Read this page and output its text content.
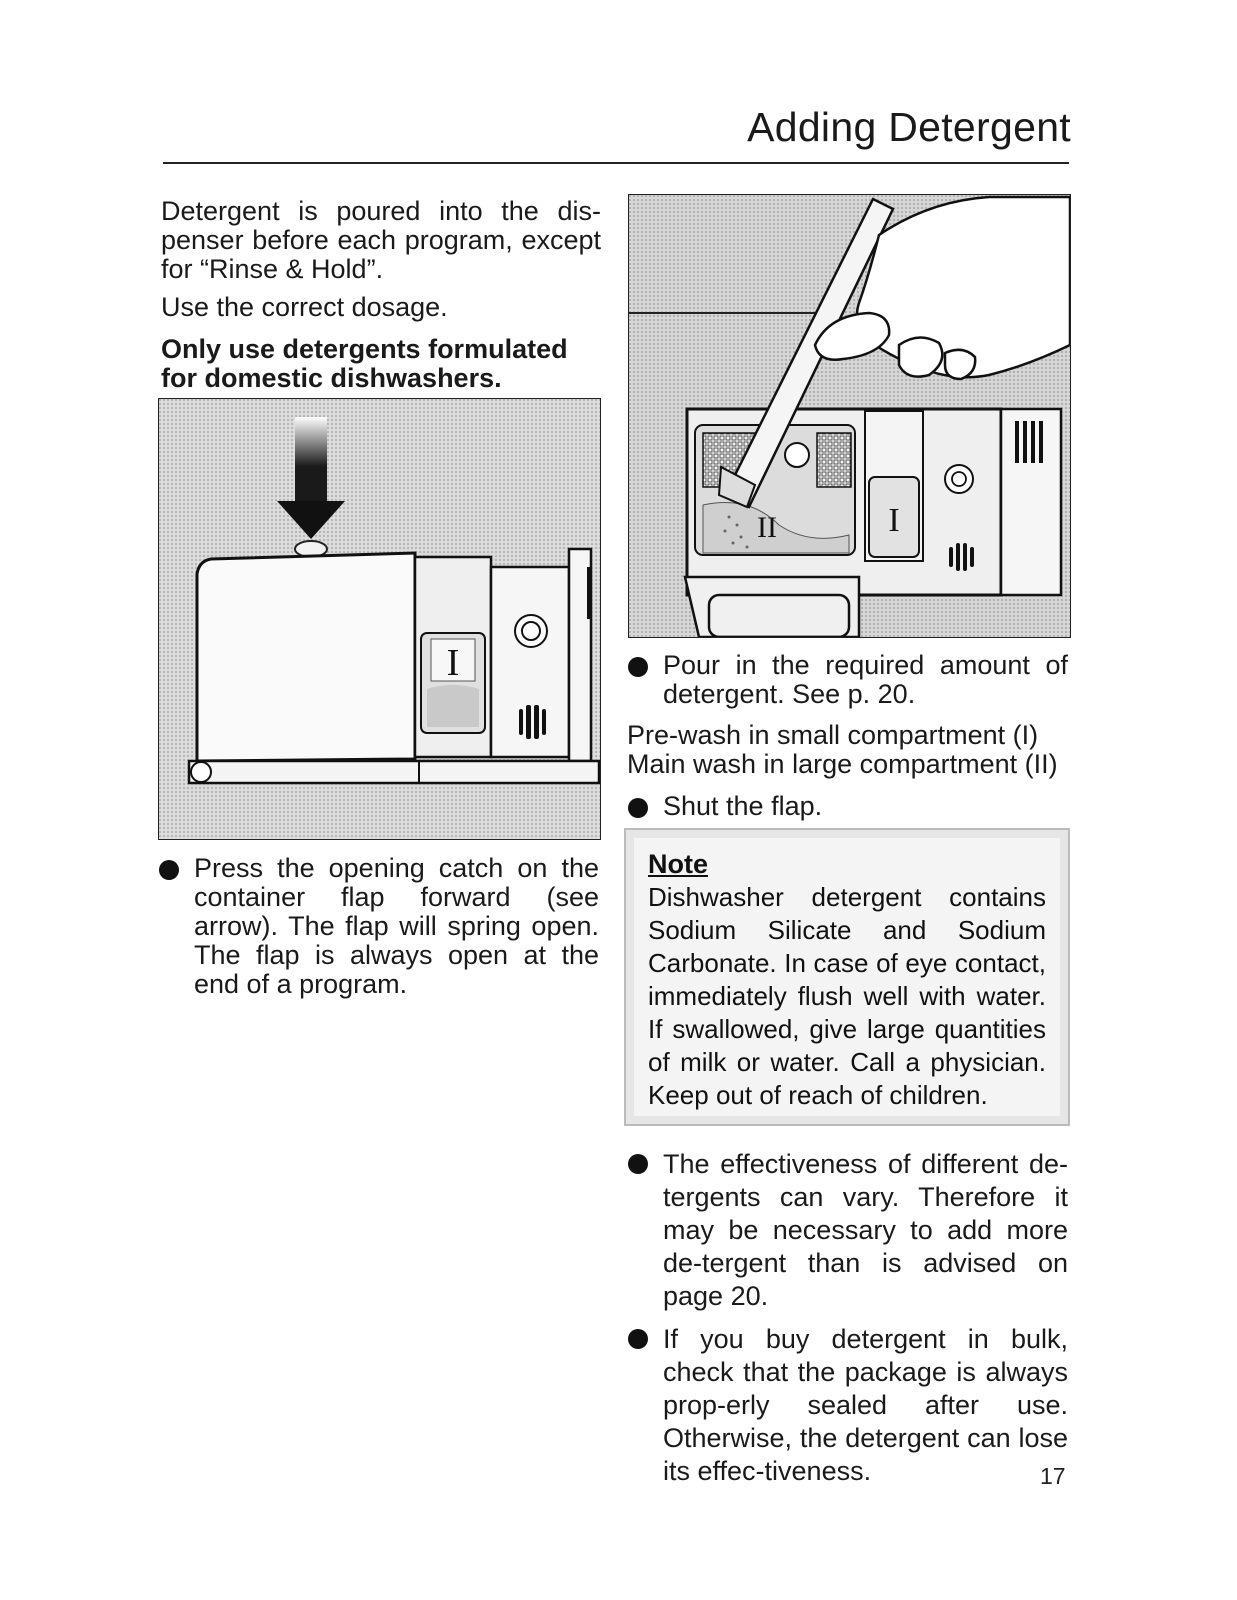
Adding Detergent
Detergent is poured into the dis-penser before each program, except for “Rinse & Hold”.
Use the correct dosage.
Only use detergents formulated for domestic dishwashers.
I
Press the opening catch on the container flap forward (see arrow). The flap will spring open. The flap is always open at the end of a program.
II	I
Pour in the required amount of detergent. See p. 20.
Pre-wash in small compartment (I)
Main wash in large compartment (II)
Shut the flap.
Note
Dishwasher detergent contains Sodium Silicate and Sodium Carbonate. In case of eye contact, immediately flush well with water. If swallowed, give large quantities of milk or water. Call a physician. Keep out of reach of children.
The effectiveness of different de-tergents can vary. Therefore it may be necessary to add more de-tergent than is advised on page 20.
If you buy detergent in bulk, check that the package is always prop-erly sealed after use. Otherwise, the detergent can lose its effec-tiveness.	17
